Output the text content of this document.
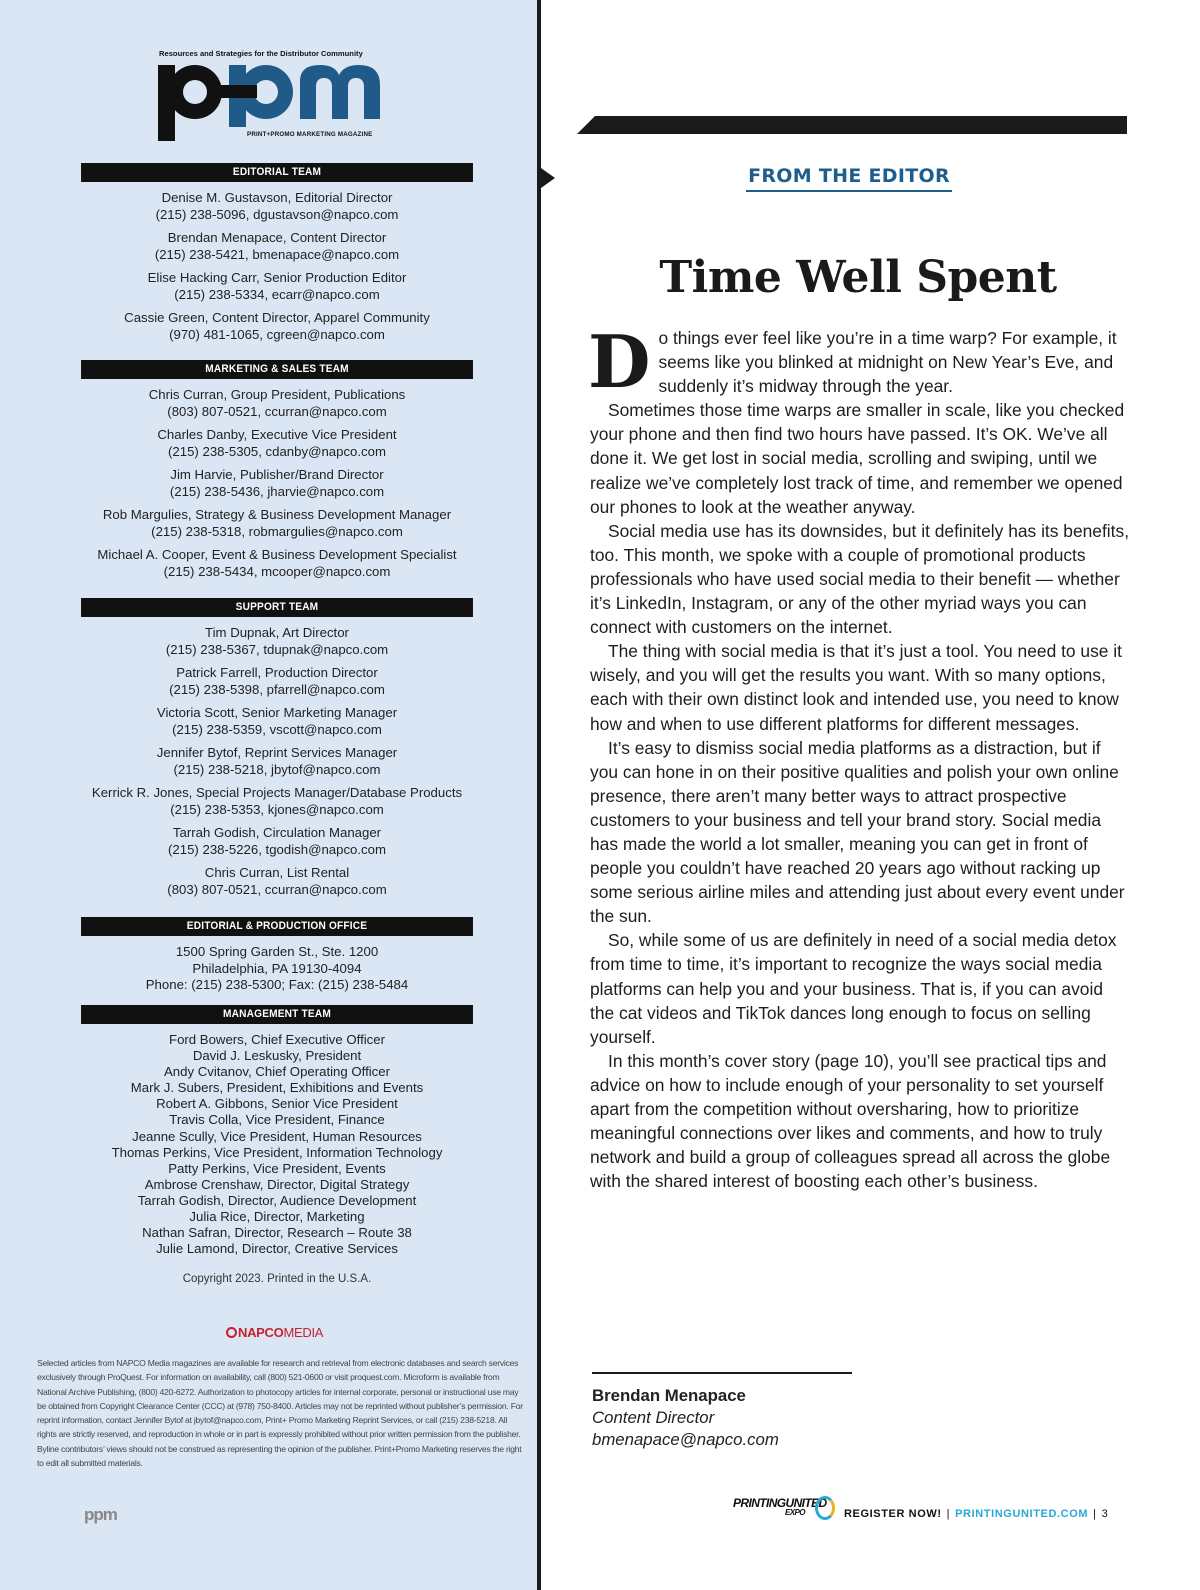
Resources and Strategies for the Distributor Community
PRINT+PROMO MARKETING MAGAZINE
EDITORIAL TEAM
Denise M. Gustavson, Editorial Director
(215) 238-5096, dgustavson@napco.com
Brendan Menapace, Content Director
(215) 238-5421, bmenapace@napco.com
Elise Hacking Carr, Senior Production Editor
(215) 238-5334, ecarr@napco.com
Cassie Green, Content Director, Apparel Community
(970) 481-1065, cgreen@napco.com
MARKETING & SALES TEAM
Chris Curran, Group President, Publications
(803) 807-0521, ccurran@napco.com
Charles Danby, Executive Vice President
(215) 238-5305, cdanby@napco.com
Jim Harvie, Publisher/Brand Director
(215) 238-5436, jharvie@napco.com
Rob Margulies, Strategy & Business Development Manager
(215) 238-5318, robmargulies@napco.com
Michael A. Cooper, Event & Business Development Specialist
(215) 238-5434, mcooper@napco.com
SUPPORT TEAM
Tim Dupnak, Art Director
(215) 238-5367, tdupnak@napco.com
Patrick Farrell, Production Director
(215) 238-5398, pfarrell@napco.com
Victoria Scott, Senior Marketing Manager
(215) 238-5359, vscott@napco.com
Jennifer Bytof, Reprint Services Manager
(215) 238-5218, jbytof@napco.com
Kerrick R. Jones, Special Projects Manager/Database Products
(215) 238-5353, kjones@napco.com
Tarrah Godish, Circulation Manager
(215) 238-5226, tgodish@napco.com
Chris Curran, List Rental
(803) 807-0521, ccurran@napco.com
EDITORIAL & PRODUCTION OFFICE
1500 Spring Garden St., Ste. 1200
Philadelphia, PA 19130-4094
Phone: (215) 238-5300; Fax: (215) 238-5484
MANAGEMENT TEAM
Ford Bowers, Chief Executive Officer
David J. Leskusky, President
Andy Cvitanov, Chief Operating Officer
Mark J. Subers, President, Exhibitions and Events
Robert A. Gibbons, Senior Vice President
Travis Colla, Vice President, Finance
Jeanne Scully, Vice President, Human Resources
Thomas Perkins, Vice President, Information Technology
Patty Perkins, Vice President, Events
Ambrose Crenshaw, Director, Digital Strategy
Tarrah Godish, Director, Audience Development
Julia Rice, Director, Marketing
Nathan Safran, Director, Research – Route 38
Julie Lamond, Director, Creative Services
Copyright 2023. Printed in the U.S.A.
NAPCOMEDIA
Selected articles from NAPCO Media magazines are available for research and retrieval from electronic databases and search services exclusively through ProQuest. For information on availability, call (800) 521-0600 or visit proquest.com. Microform is available from National Archive Publishing, (800) 420-6272. Authorization to photocopy articles for internal corporate, personal or instructional use may be obtained from Copyright Clearance Center (CCC) at (978) 750-8400. Articles may not be reprinted without publisher’s permission. For reprint information, contact Jennifer Bytof at jbytof@napco.com, Print+ Promo Marketing Reprint Services, or call (215) 238-5218. All rights are strictly reserved, and reproduction in whole or in part is expressly prohibited without prior written permission from the publisher. Byline contributors’ views should not be construed as representing the opinion of the publisher. Print+Promo Marketing reserves the right to edit all submitted materials.
ppm
FROM THE EDITOR
Time Well Spent

Do things ever feel like you’re in a time warp? For example, it seems like you blinked at midnight on New Year’s Eve, and suddenly it’s midway through the year.

Sometimes those time warps are smaller in scale, like you checked your phone and then find two hours have passed. It’s OK. We’ve all done it. We get lost in social media, scrolling and swiping, until we realize we’ve completely lost track of time, and remember we opened our phones to look at the weather anyway.

Social media use has its downsides, but it definitely has its benefits, too. This month, we spoke with a couple of promotional products professionals who have used social media to their benefit — whether it’s LinkedIn, Instagram, or any of the other myriad ways you can connect with customers on the internet.

The thing with social media is that it’s just a tool. You need to use it wisely, and you will get the results you want. With so many options, each with their own distinct look and intended use, you need to know how and when to use different platforms for different messages.

It’s easy to dismiss social media platforms as a distraction, but if you can hone in on their positive qualities and polish your own online presence, there aren’t many better ways to attract prospective customers to your business and tell your brand story. Social media has made the world a lot smaller, meaning you can get in front of people you couldn’t have reached 20 years ago without racking up some serious airline miles and attending just about every event under the sun.

So, while some of us are definitely in need of a social media detox from time to time, it’s important to recognize the ways social media platforms can help you and your business. That is, if you can avoid the cat videos and TikTok dances long enough to focus on selling yourself.

In this month’s cover story (page 10), you’ll see practical tips and advice on how to include enough of your personality to set yourself apart from the competition without oversharing, how to prioritize meaningful connections over likes and comments, and how to truly network and build a group of colleagues spread all across the globe with the shared interest of boosting each other’s business.

Brendan Menapace
Content Director
bmenapace@napco.com
PRINTINGUNITED
EXPO	REGISTER NOW! | PRINTINGUNITED.COM | 3
